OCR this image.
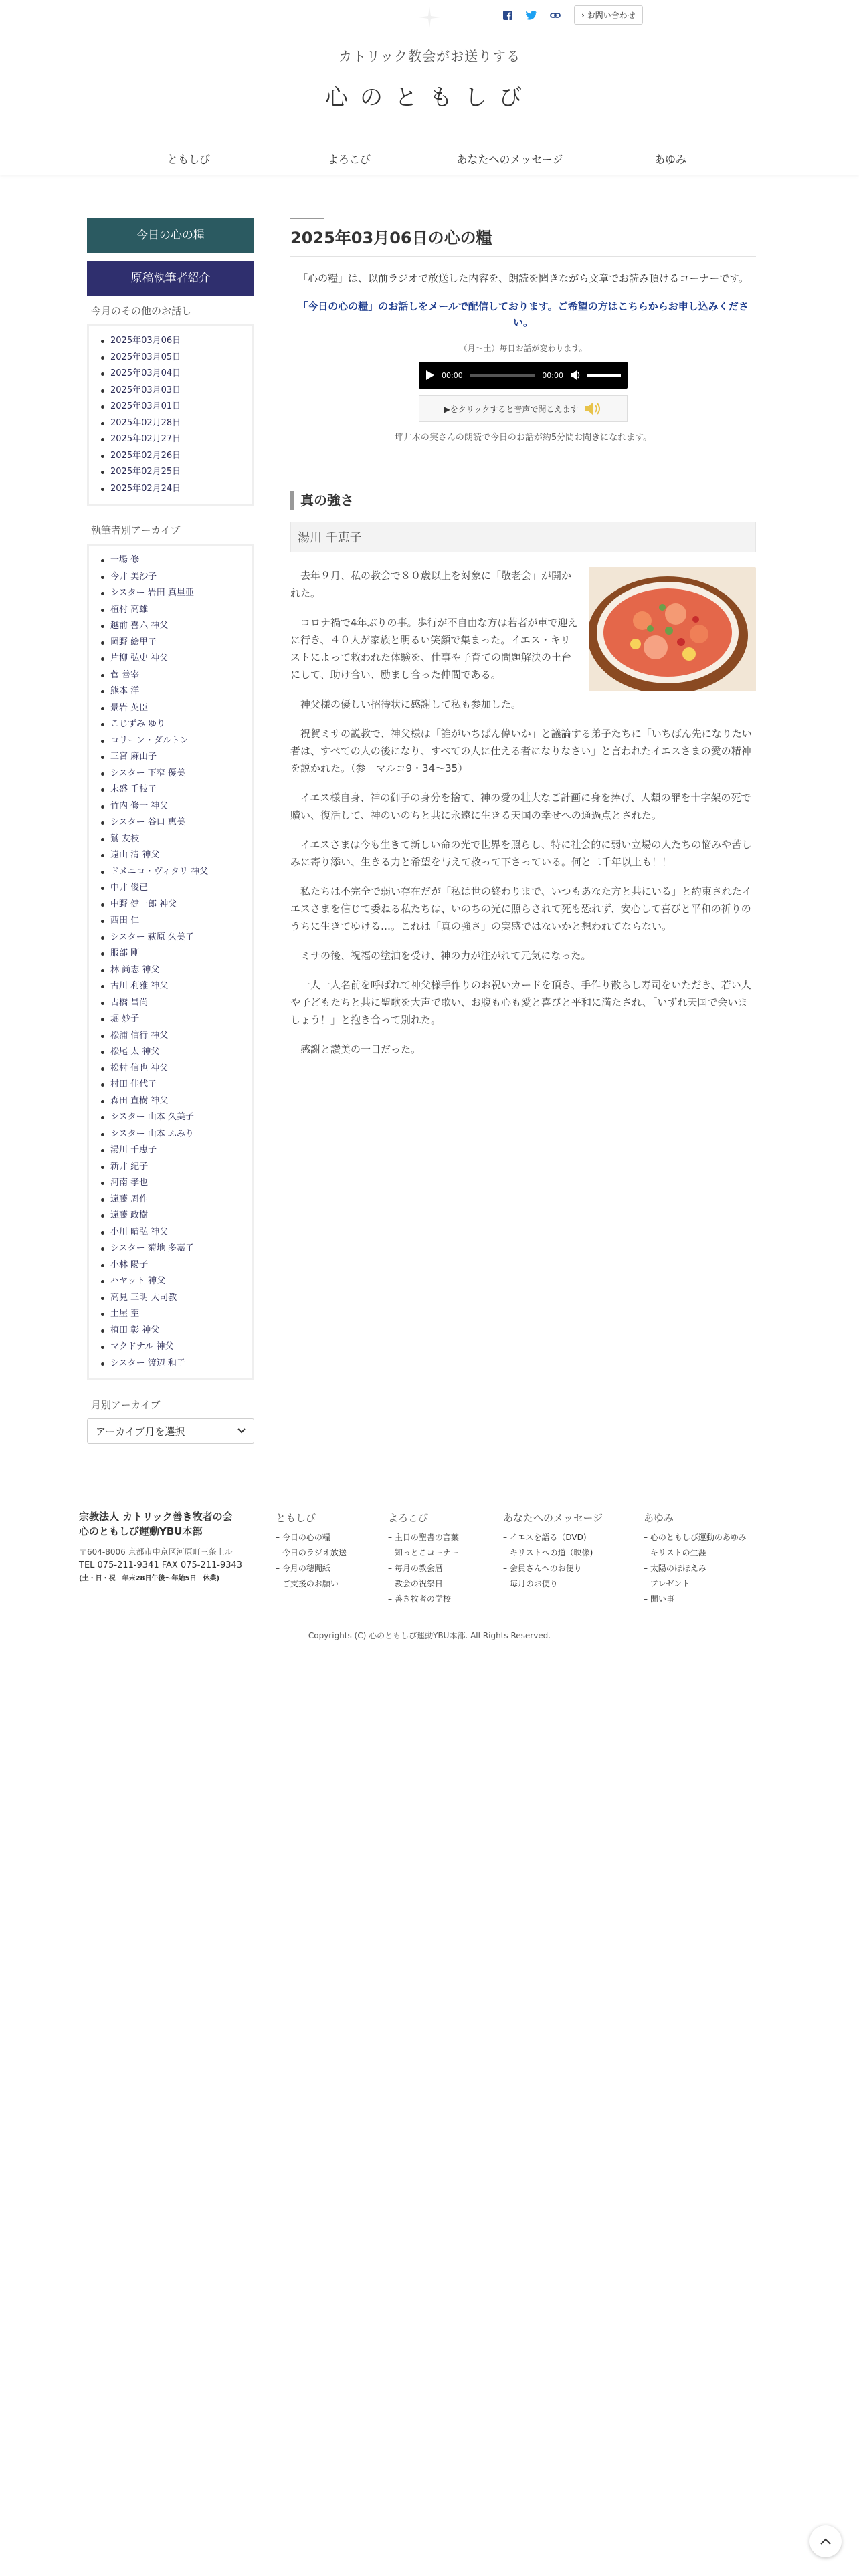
› お問い合わせ
カトリック教会がお送りする
心のともしび
ともしび	よろこび	あなたへのメッセージ	あゆみ
今日の心の糧
原稿執筆者紹介
今月のその他のお話し
2025年03月06日
2025年03月05日
2025年03月04日
2025年03月03日
2025年03月01日
2025年02月28日
2025年02月27日
2025年02月26日
2025年02月25日
2025年02月24日
執筆者別アーカイブ
一場 修
今井 美沙子
シスター 岩田 真里亜
植村 高雄
越前 喜六 神父
岡野 絵里子
片柳 弘史 神父
菅 善宰
熊本 洋
景岩 英臣
こじずみ ゆり
コリーン・ダルトン
三宮 麻由子
シスター 下窄 優美
末盛 千枝子
竹内 修一 神父
シスター 谷口 恵美
鷲 友枝
遠山 清 神父
ドメニコ・ヴィタリ 神父
中井 俊已
中野 健一郎 神父
西田 仁
シスター 萩原 久美子
服部 剛
林 尚志 神父
古川 利雅 神父
古橋 昌尚
堀 妙子
松浦 信行 神父
松尾 太 神父
松村 信也 神父
村田 佳代子
森田 直樹 神父
シスター 山本 久美子
シスター 山本 ふみり
湯川 千恵子
新井 紀子
河南 孝也
遠藤 周作
遠藤 政樹
小川 晴弘 神父
シスター 菊地 多嘉子
小林 陽子
ハヤット 神父
高見 三明 大司教
土屋 至
植田 彰 神父
マクドナル 神父
シスター 渡辺 和子
月別アーカイブ
アーカイブ月を選択
2025年03月06日の心の糧

「心の糧」は、以前ラジオで放送した内容を、朗読を聞きながら文章でお読み頂けるコーナーです。

「今日の心の糧」のお話しをメールで配信しております。ご希望の方はこちらからお申し込みください。

（月〜土）毎日お話が変わります。

00:00	00:00
▶をクリックすると音声で聞こえます

坪井木の実さんの朗読で今日のお話が約5分間お聞きになれます。

真の強さ
湯川 千恵子

去年９月、私の教会で８０歳以上を対象に「敬老会」が開かれた。

コロナ禍で4年ぶりの事。歩行が不自由な方は若者が車で迎えに行き、４０人が家族と明るい笑顔で集まった。イエス・キリストによって救われた体験を、仕事や子育ての問題解決の土台にして、助け合い、励まし合った仲間である。

神父様の優しい招待状に感謝して私も参加した。

祝賀ミサの説教で、神父様は「誰がいちばん偉いか」と議論する弟子たちに「いちばん先になりたい者は、すべての人の後になり、すべての人に仕える者になりなさい」と言われたイエスさまの愛の精神を説かれた。（参　マルコ9・34〜35）

イエス様自身、神の御子の身分を捨て、神の愛の壮大なご計画に身を捧げ、人類の罪を十字架の死で贖い、復活して、神のいのちと共に永遠に生きる天国の幸せへの通過点とされた。

イエスさまは今も生きて新しい命の光で世界を照らし、特に社会的に弱い立場の人たちの悩みや苦しみに寄り添い、生きる力と希望を与えて救って下さっている。何と二千年以上も！！

私たちは不完全で弱い存在だが「私は世の終わりまで、いつもあなた方と共にいる」と約束されたイエスさまを信じて委ねる私たちは、いのちの光に照らされて死も恐れず、安心して喜びと平和の祈りのうちに生きてゆける…。これは「真の強さ」の実感ではないかと想われてならない。

ミサの後、祝福の塗油を受け、神の力が注がれて元気になった。

一人一人名前を呼ばれて神父様手作りのお祝いカードを頂き、手作り散らし寿司をいただき、若い人や子どもたちと共に聖歌を大声で歌い、お腹も心も愛と喜びと平和に満たされ、「いずれ天国で会いましょう！」と抱き合って別れた。

感謝と讃美の一日だった。

宗教法人 カトリック善き牧者の会
心のともしび運動YBU本部
〒604-8006 京都市中京区河原町三条上ル
TEL 075-211-9341 FAX 075-211-9343
(土・日・祝　年末28日午後〜年始5日　休業)
ともしび
– 今日の心の糧
– 今日のラジオ放送
– 今月の穂聞紙
– ご支援のお願い
よろこび
– 主日の聖書の言葉
– 知っとこコーナー
– 毎月の教会暦
– 教会の祝祭日
– 善き牧者の学校
あなたへのメッセージ
– イエスを語る（DVD)
– キリストへの道（映像)
– 会員さんへのお便り
– 毎月のお便り
あゆみ
– 心のともしび運動のあゆみ
– キリストの生涯
– 太陽のほほえみ
– プレゼント
– 開い事
Copyrights (C) 心のともしび運動YBU本部. All Rights Reserved.
